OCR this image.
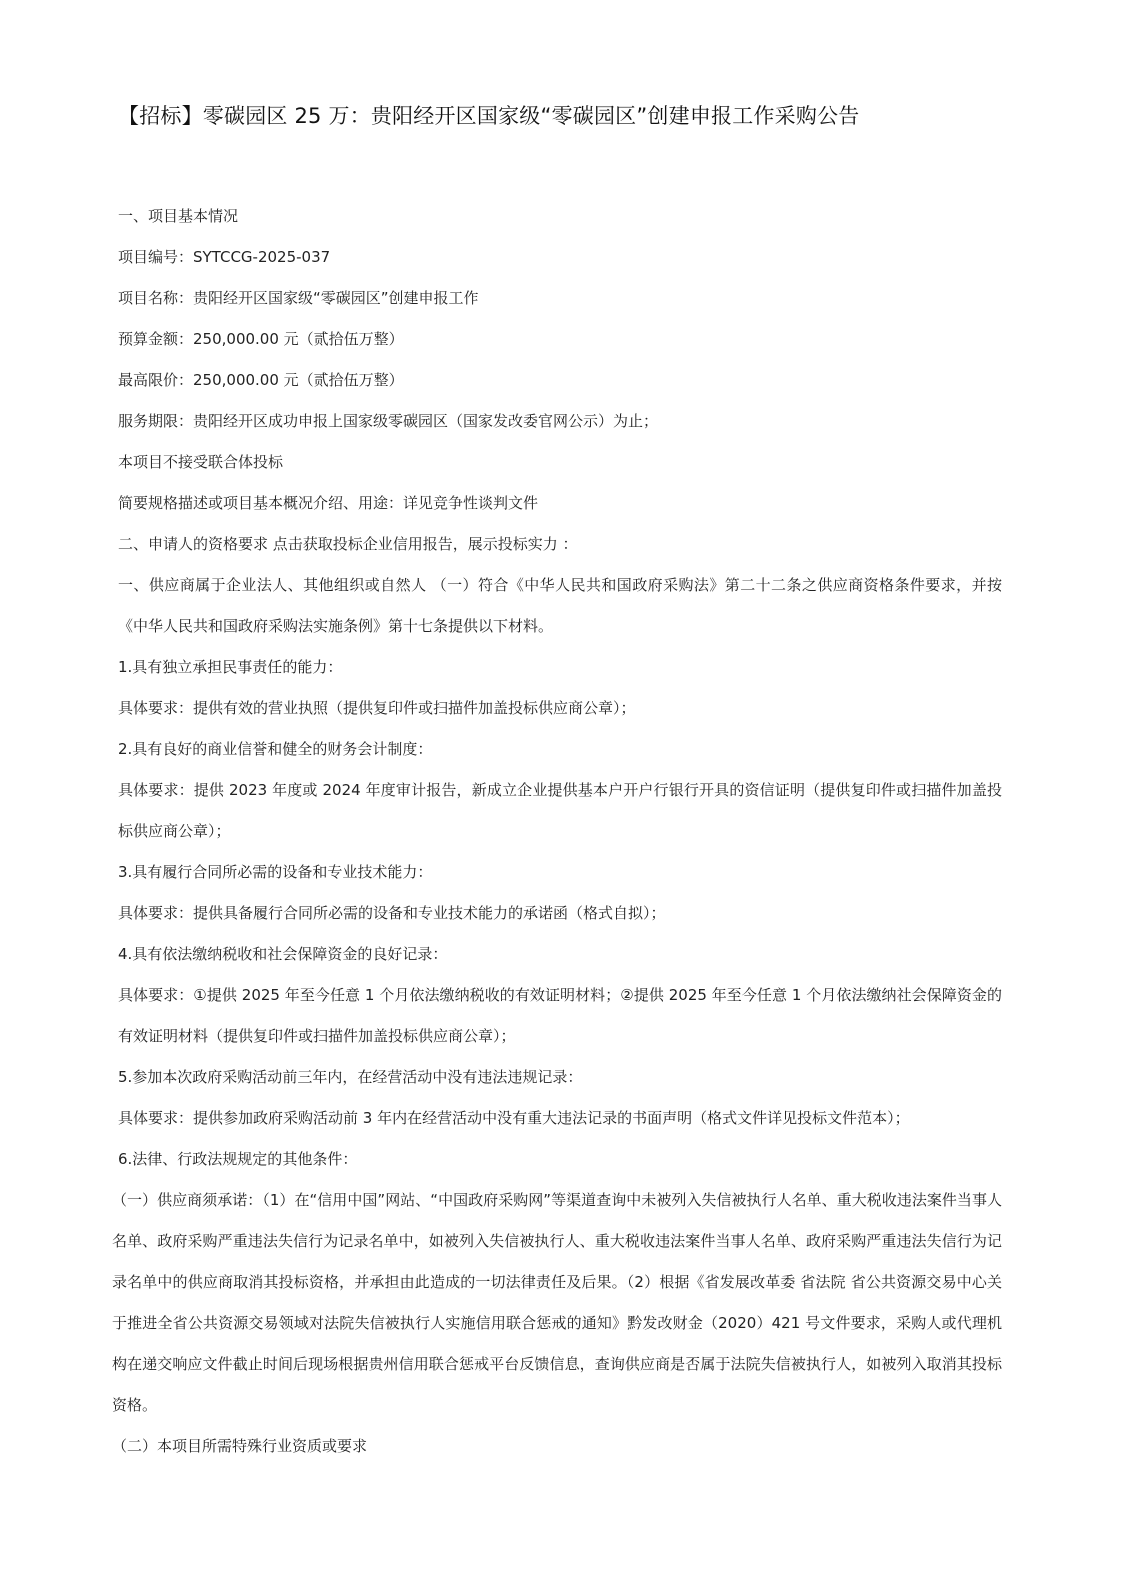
【招标】零碳园区 25 万：贵阳经开区国家级“零碳园区”创建申报工作采购公告

一、项目基本情况

项目编号：SYTCCG-2025-037

项目名称：贵阳经开区国家级“零碳园区”创建申报工作

预算金额：250,000.00 元（贰拾伍万整）

最高限价：250,000.00 元（贰拾伍万整）

服务期限：贵阳经开区成功申报上国家级零碳园区（国家发改委官网公示）为止；

本项目不接受联合体投标

简要规格描述或项目基本概况介绍、用途：详见竞争性谈判文件

二、申请人的资格要求 点击获取投标企业信用报告，展示投标实力 ：

一、供应商属于企业法人、其他组织或自然人 （一）符合《中华人民共和国政府采购法》第二十二条之供应商资格条件要求，并按《中华人民共和国政府采购法实施条例》第十七条提供以下材料。

1.具有独立承担民事责任的能力：

具体要求：提供有效的营业执照（提供复印件或扫描件加盖投标供应商公章）；

2.具有良好的商业信誉和健全的财务会计制度：

具体要求：提供 2023 年度或 2024 年度审计报告，新成立企业提供基本户开户行银行开具的资信证明（提供复印件或扫描件加盖投标供应商公章）；

3.具有履行合同所必需的设备和专业技术能力：

具体要求：提供具备履行合同所必需的设备和专业技术能力的承诺函（格式自拟）；

4.具有依法缴纳税收和社会保障资金的良好记录：

具体要求：①提供 2025 年至今任意 1 个月依法缴纳税收的有效证明材料；②提供 2025 年至今任意 1 个月依法缴纳社会保障资金的有效证明材料（提供复印件或扫描件加盖投标供应商公章）；

5.参加本次政府采购活动前三年内，在经营活动中没有违法违规记录：

具体要求：提供参加政府采购活动前 3 年内在经营活动中没有重大违法记录的书面声明（格式文件详见投标文件范本）；

6.法律、行政法规规定的其他条件：

（一）供应商须承诺：（1）在“信用中国”网站、“中国政府采购网”等渠道查询中未被列入失信被执行人名单、重大税收违法案件当事人名单、政府采购严重违法失信行为记录名单中，如被列入失信被执行人、重大税收违法案件当事人名单、政府采购严重违法失信行为记录名单中的供应商取消其投标资格，并承担由此造成的一切法律责任及后果。（2）根据《省发展改革委 省法院 省公共资源交易中心关于推进全省公共资源交易领域对法院失信被执行人实施信用联合惩戒的通知》黔发改财金（2020）421 号文件要求，采购人或代理机构在递交响应文件截止时间后现场根据贵州信用联合惩戒平台反馈信息，查询供应商是否属于法院失信被执行人，如被列入取消其投标资格。

（二）本项目所需特殊行业资质或要求
